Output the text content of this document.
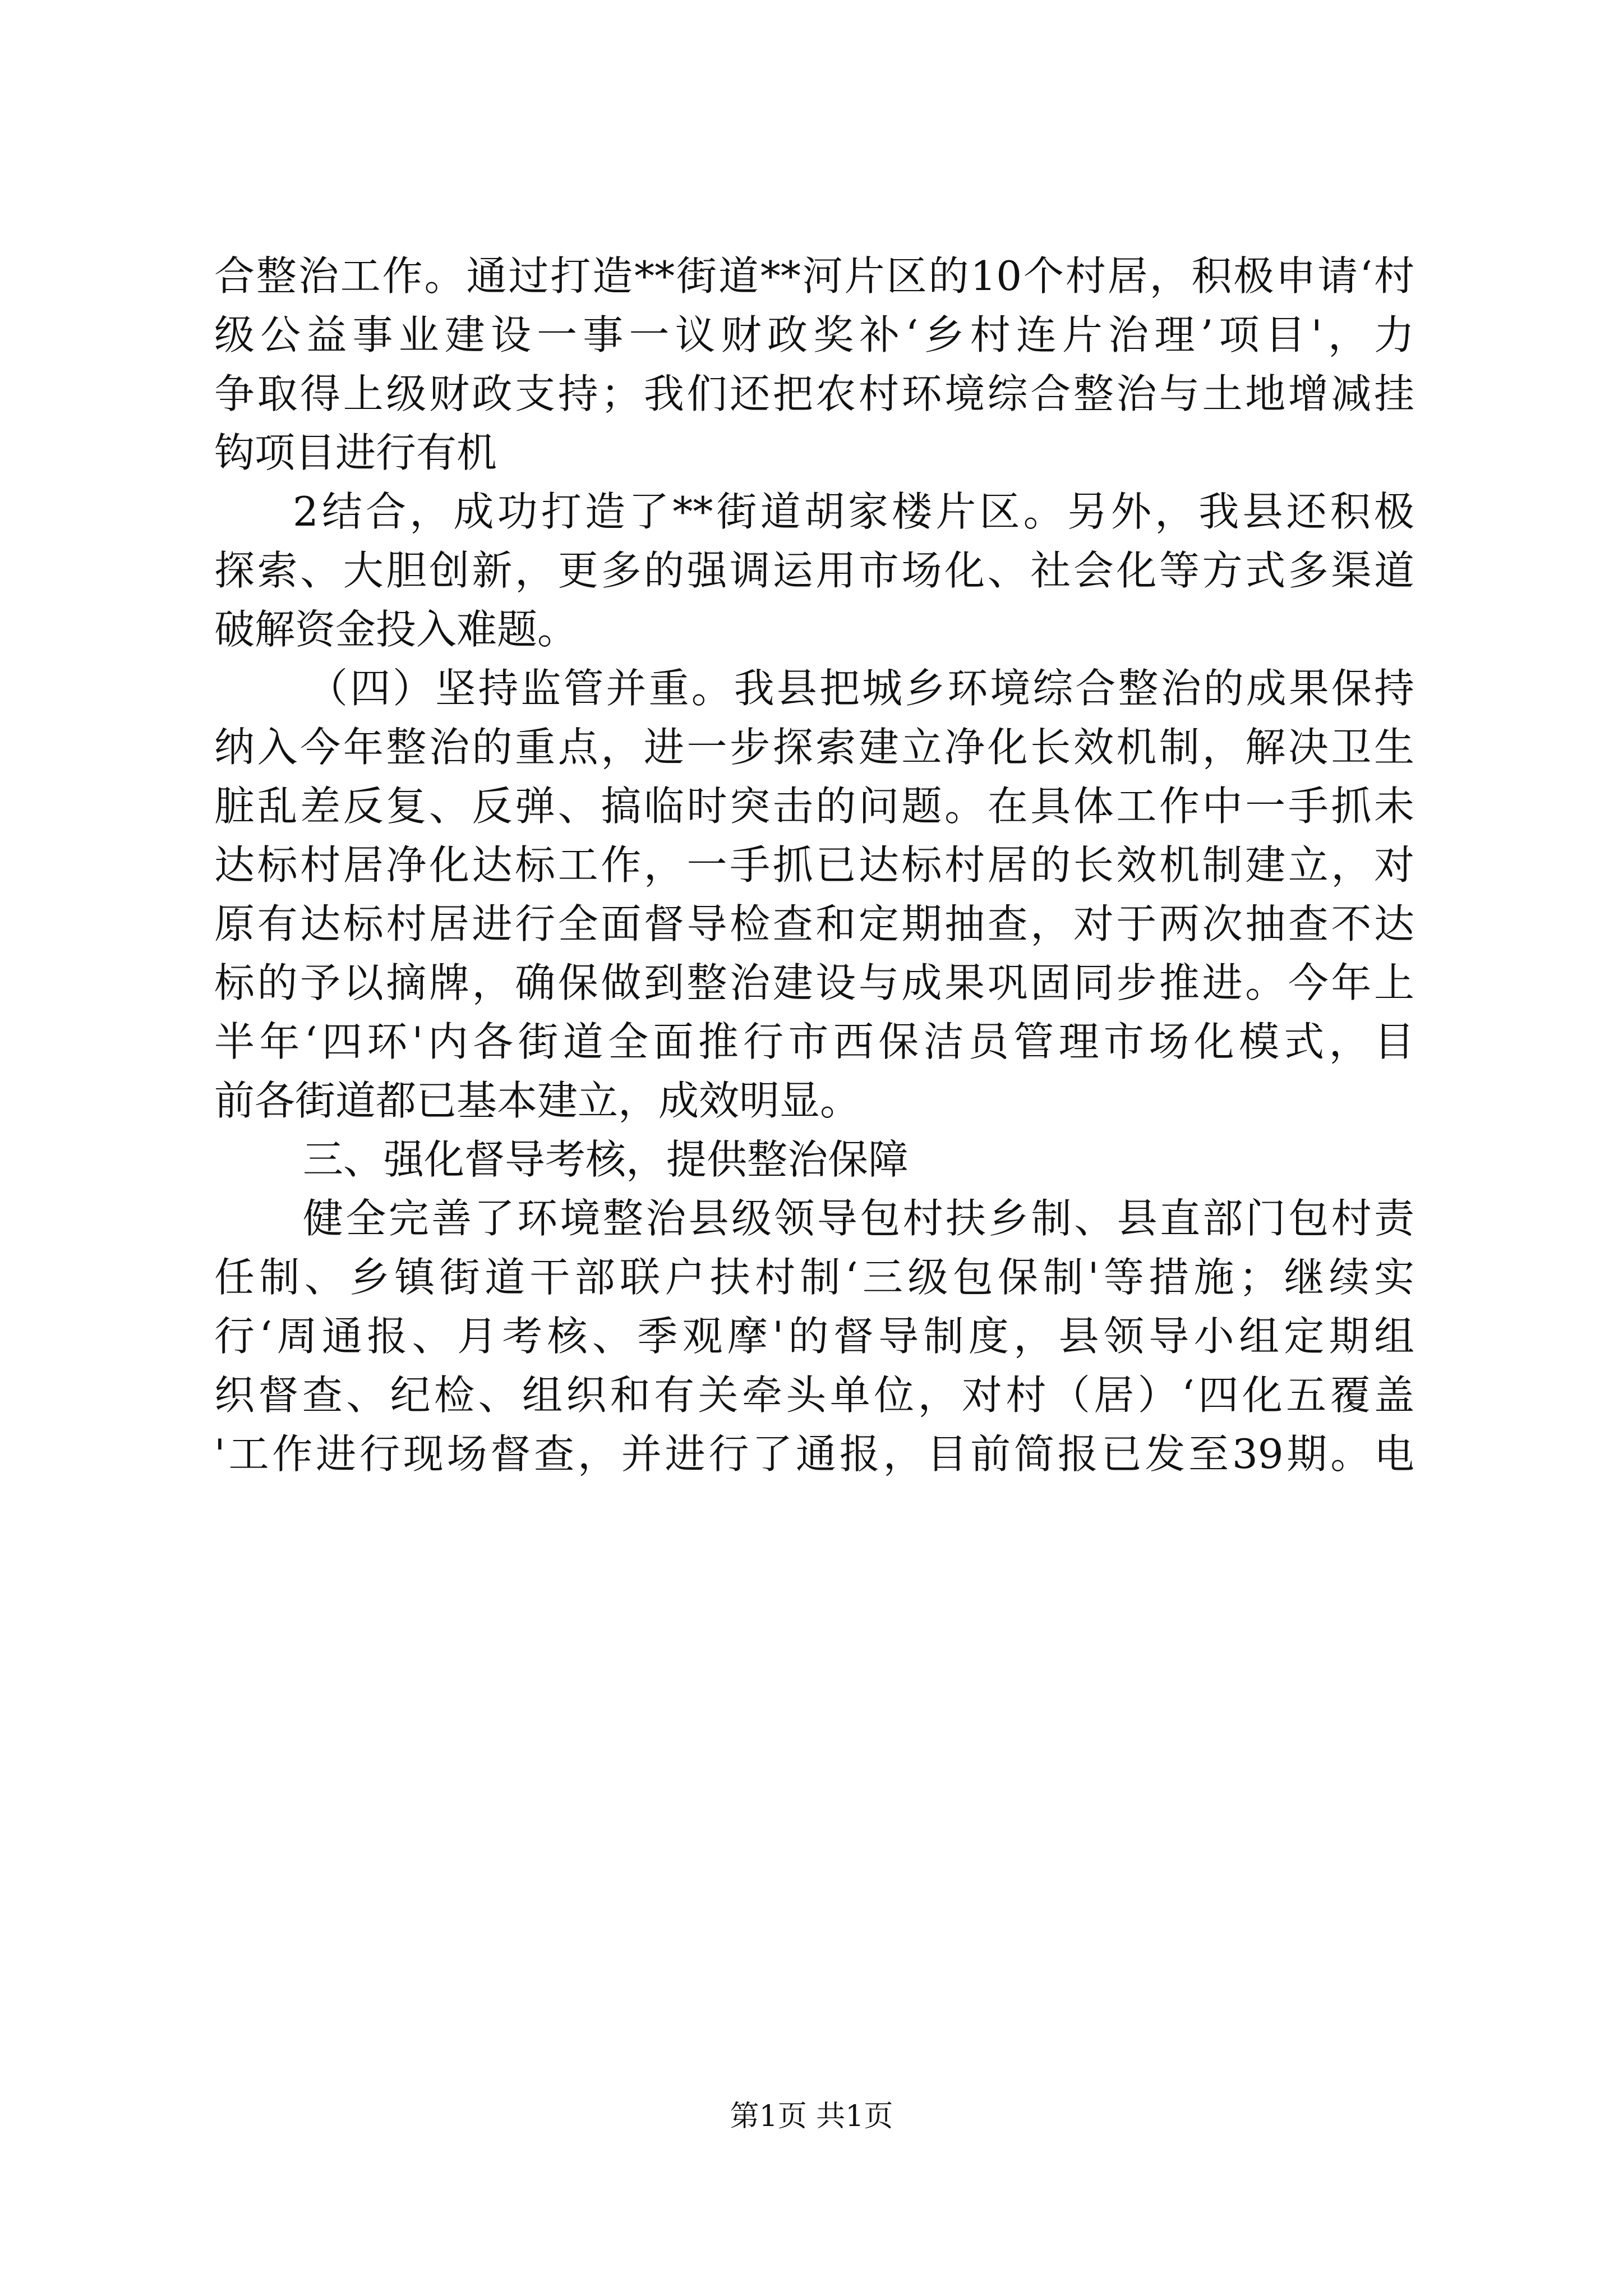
合整治工作。通过打造**街道**河片区的10个村居，积极申请‘村
级公益事业建设一事一议财政奖补‘乡村连片治理’项目'，力
争取得上级财政支持；我们还把农村环境综合整治与土地增减挂
钩项目进行有机
2结合，成功打造了**街道胡家楼片区。另外，我县还积极
探索、大胆创新，更多的强调运用市场化、社会化等方式多渠道
破解资金投入难题。
（四）坚持监管并重。我县把城乡环境综合整治的成果保持
纳入今年整治的重点，进一步探索建立净化长效机制，解决卫生
脏乱差反复、反弹、搞临时突击的问题。在具体工作中一手抓未
达标村居净化达标工作，一手抓已达标村居的长效机制建立，对
原有达标村居进行全面督导检查和定期抽查，对于两次抽查不达
标的予以摘牌，确保做到整治建设与成果巩固同步推进。今年上
半年‘四环'内各街道全面推行市西保洁员管理市场化模式，目
前各街道都已基本建立，成效明显。
三、强化督导考核，提供整治保障
健全完善了环境整治县级领导包村扶乡制、县直部门包村责
任制、乡镇街道干部联户扶村制‘三级包保制'等措施；继续实
行‘周通报、月考核、季观摩'的督导制度，县领导小组定期组
织督查、纪检、组织和有关牵头单位，对村（居）‘四化五覆盖
'工作进行现场督查，并进行了通报，目前简报已发至39期。电
第1页 共1页
